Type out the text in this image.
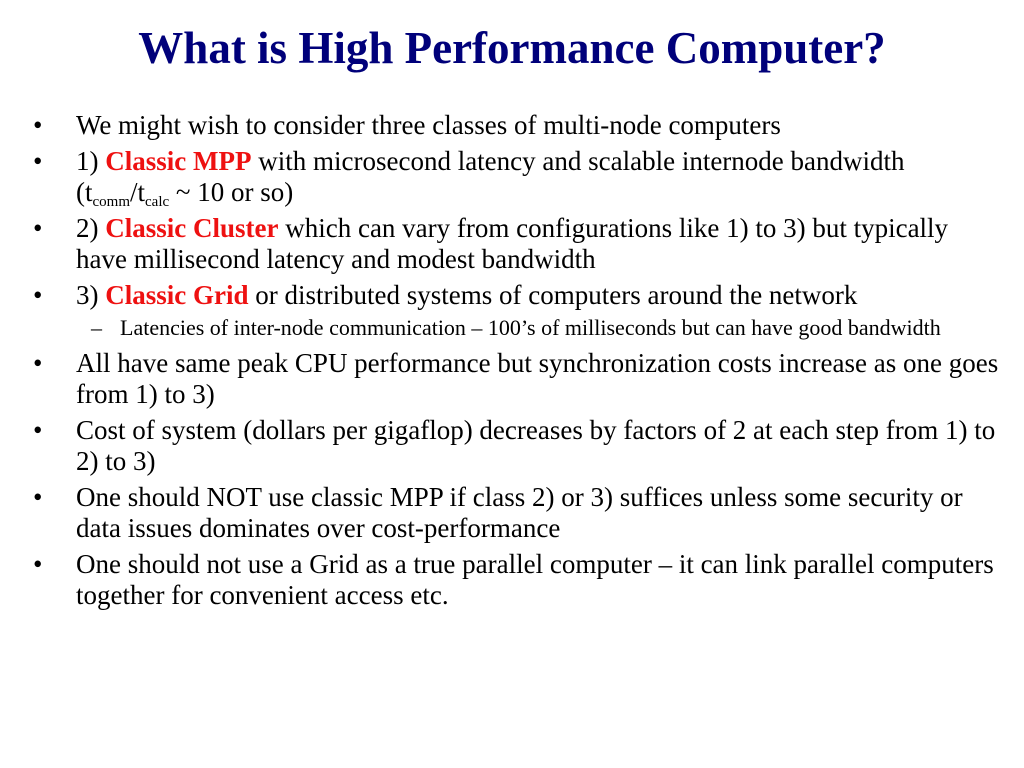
What is High Performance Computer?
• We might wish to consider three classes of multi-node computers
• 1) Classic MPP with microsecond latency and scalable internode bandwidth ($t_{comm}/t_{calc}$ ~ 10 or so)
• 2) Classic Cluster which can vary from configurations like 1) to 3) but typically have millisecond latency and modest bandwidth
• 3) Classic Grid or distributed systems of computers around the network
– Latencies of inter-node communication – 100’s of milliseconds but can have good bandwidth
• All have same peak CPU performance but synchronization costs increase as one goes from 1) to 3)
• Cost of system (dollars per gigaflop) decreases by factors of 2 at each step from 1) to 2) to 3)
• One should NOT use classic MPP if class 2) or 3) suffices unless some security or data issues dominates over cost-performance
• One should not use a Grid as a true parallel computer – it can link parallel computers together for convenient access etc.
